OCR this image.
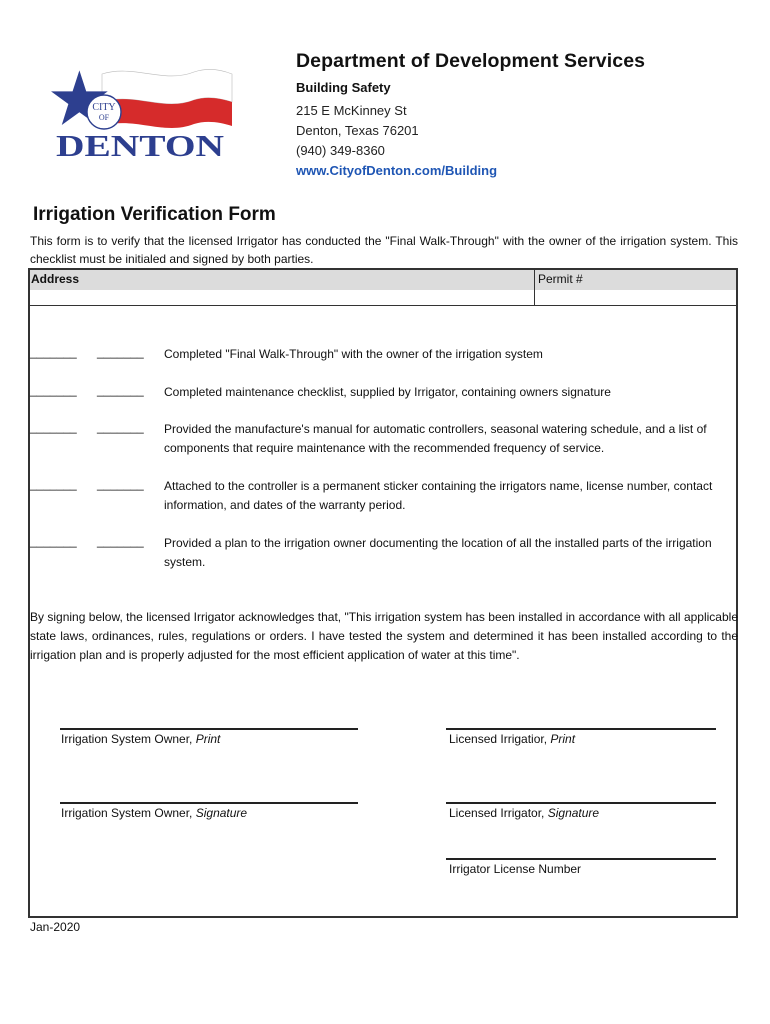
CITY
OF
DENTON
Department of Development Services
Building Safety
215 E McKinney St
Denton, Texas 76201
(940) 349-8360
www.CityofDenton.com/Building
Irrigation Verification Form
This form is to verify that the licensed Irrigator has conducted the "Final Walk-Through" with the owner of the irrigation system. This checklist must be initialed and signed by both parties.
Address	Permit #
_______ _______ Completed "Final Walk-Through" with the owner of the irrigation system
_______ _______ Completed maintenance checklist, supplied by Irrigator, containing owners signature
_______ _______ Provided the manufacture's manual for automatic controllers, seasonal watering schedule, and a list of components that require maintenance with the recommended frequency of service.
_______ _______ Attached to the controller is a permanent sticker containing the irrigators name, license number, contact information, and dates of the warranty period.
_______ _______ Provided a plan to the irrigation owner documenting the location of all the installed parts of the irrigation system.
By signing below, the licensed Irrigator acknowledges that, "This irrigation system has been installed in accordance with all applicable state laws, ordinances, rules, regulations or orders. I have tested the system and determined it has been installed according to the irrigation plan and is properly adjusted for the most efficient application of water at this time".
Irrigation System Owner, Print	Licensed Irrigatior, Print
Irrigation System Owner, Signature	Licensed Irrigator, Signature
Irrigator License Number
Jan-2020
